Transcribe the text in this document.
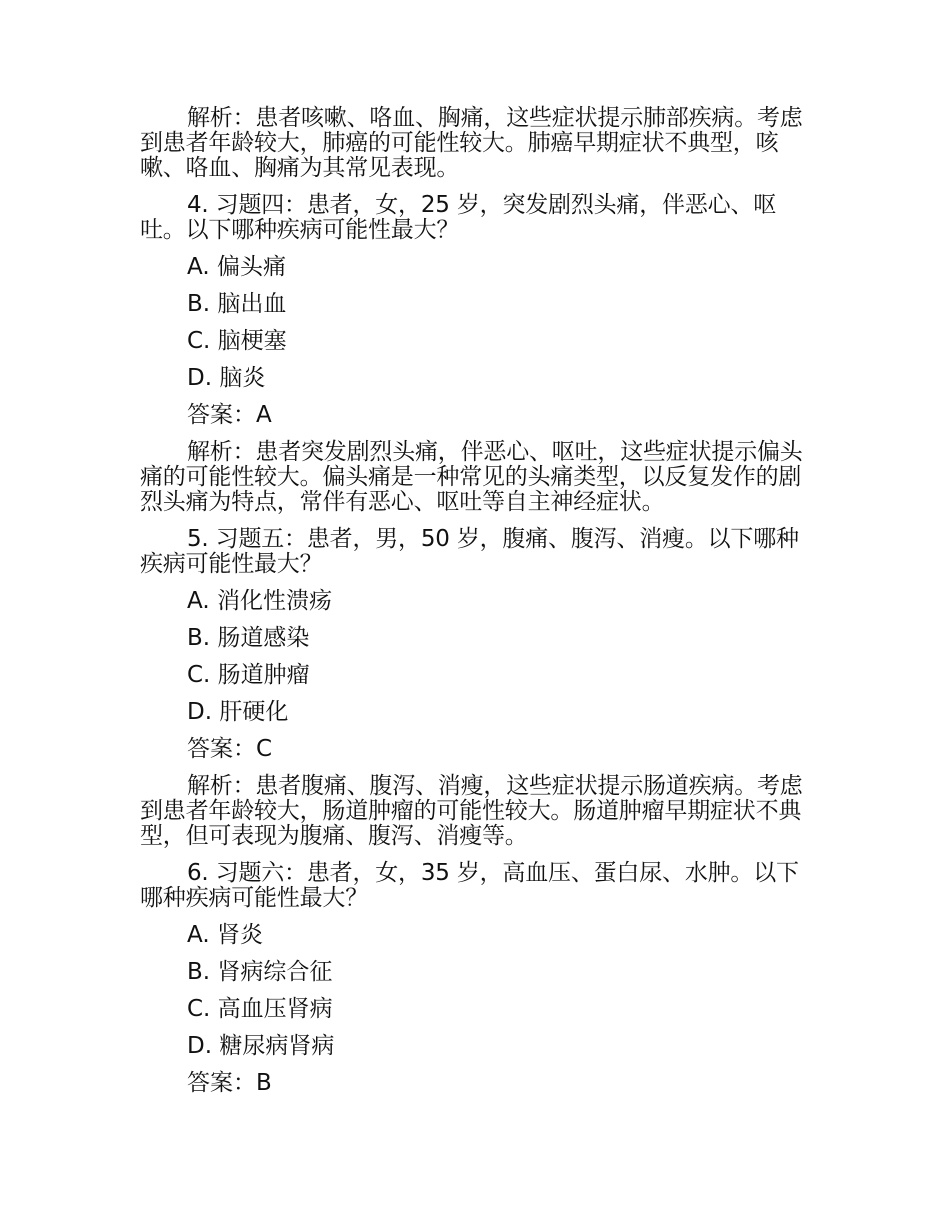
解析：患者咳嗽、咯血、胸痛，这些症状提示肺部疾病。考虑到患者年龄较大，肺癌的可能性较大。肺癌早期症状不典型，咳嗽、咯血、胸痛为其常见表现。

4. 习题四：患者，女，25 岁，突发剧烈头痛，伴恶心、呕吐。以下哪种疾病可能性最大？

A. 偏头痛
B. 脑出血
C. 脑梗塞
D. 脑炎
答案：A

解析：患者突发剧烈头痛，伴恶心、呕吐，这些症状提示偏头痛的可能性较大。偏头痛是一种常见的头痛类型，以反复发作的剧烈头痛为特点，常伴有恶心、呕吐等自主神经症状。

5. 习题五：患者，男，50 岁，腹痛、腹泻、消瘦。以下哪种疾病可能性最大？

A. 消化性溃疡
B. 肠道感染
C. 肠道肿瘤
D. 肝硬化
答案：C

解析：患者腹痛、腹泻、消瘦，这些症状提示肠道疾病。考虑到患者年龄较大，肠道肿瘤的可能性较大。肠道肿瘤早期症状不典型，但可表现为腹痛、腹泻、消瘦等。

6. 习题六：患者，女，35 岁，高血压、蛋白尿、水肿。以下哪种疾病可能性最大？

A. 肾炎
B. 肾病综合征
C. 高血压肾病
D. 糖尿病肾病
答案：B
